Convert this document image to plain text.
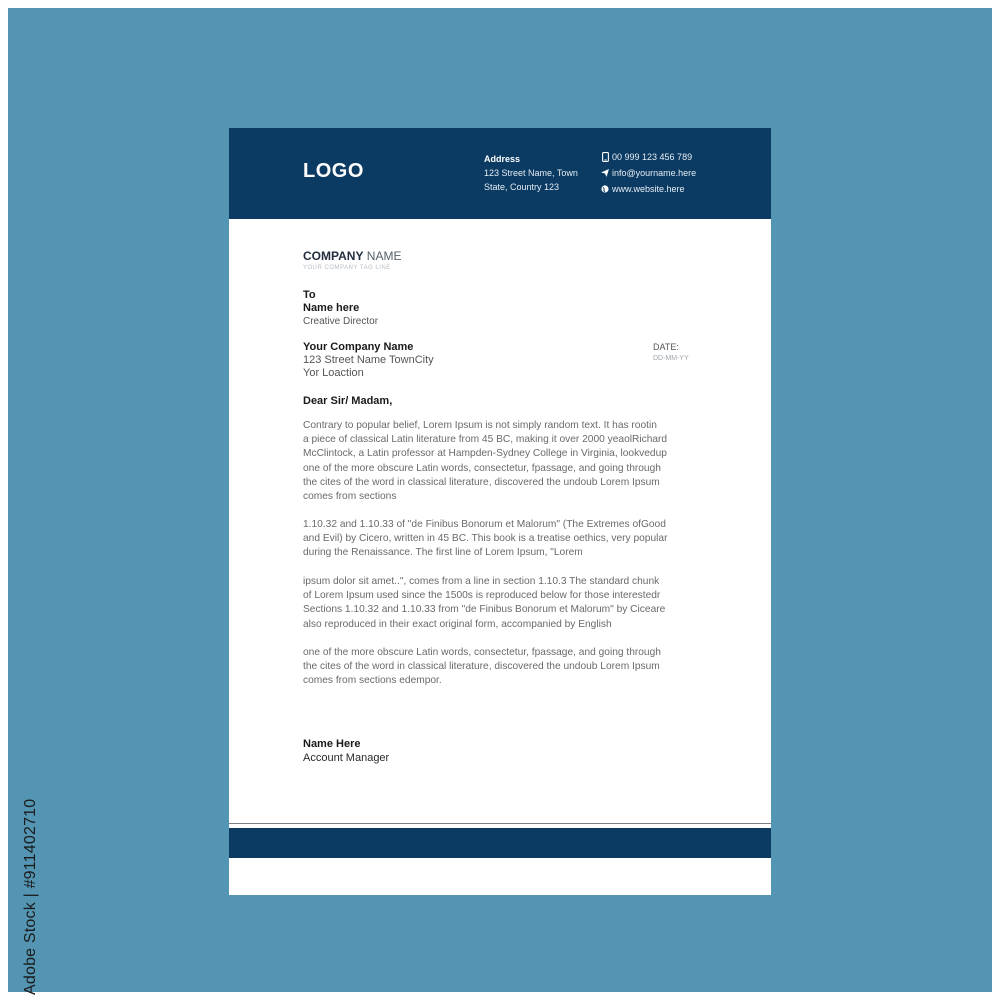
Adobe Stock | #911402710
LOGO
Address
123 Street Name, Town
State, Country 123
00 999 123 456 789
info@yourname.here
www.website.here
COMPANY NAME
YOUR COMPANY TAG LINE
To
Name here
Creative Director
Your Company Name
123 Street Name TownCity
Yor Loaction
DATE:
DD-MM-YY
Dear Sir/ Madam,
Contrary to popular belief, Lorem Ipsum is not simply random text. It has rootin
a piece of classical Latin literature from 45 BC, making it over 2000 yeaolRichard
McClintock, a Latin professor at Hampden-Sydney College in Virginia, lookvedup
one of the more obscure Latin words, consectetur, fpassage, and going through
the cites of the word in classical literature, discovered the undoub Lorem Ipsum
comes from sections
1.10.32 and 1.10.33 of "de Finibus Bonorum et Malorum" (The Extremes ofGood
and Evil) by Cicero, written in 45 BC. This book is a treatise oethics, very popular
during the Renaissance. The first line of Lorem Ipsum, "Lorem
ipsum dolor sit amet..", comes from a line in section 1.10.3 The standard chunk
of Lorem Ipsum used since the 1500s is reproduced below for those interestedr
Sections 1.10.32 and 1.10.33 from "de Finibus Bonorum et Malorum" by Ciceare
also reproduced in their exact original form, accompanied by English
one of the more obscure Latin words, consectetur, fpassage, and going through
the cites of the word in classical literature, discovered the undoub Lorem Ipsum
comes from sections edempor.
Name Here
Account Manager
